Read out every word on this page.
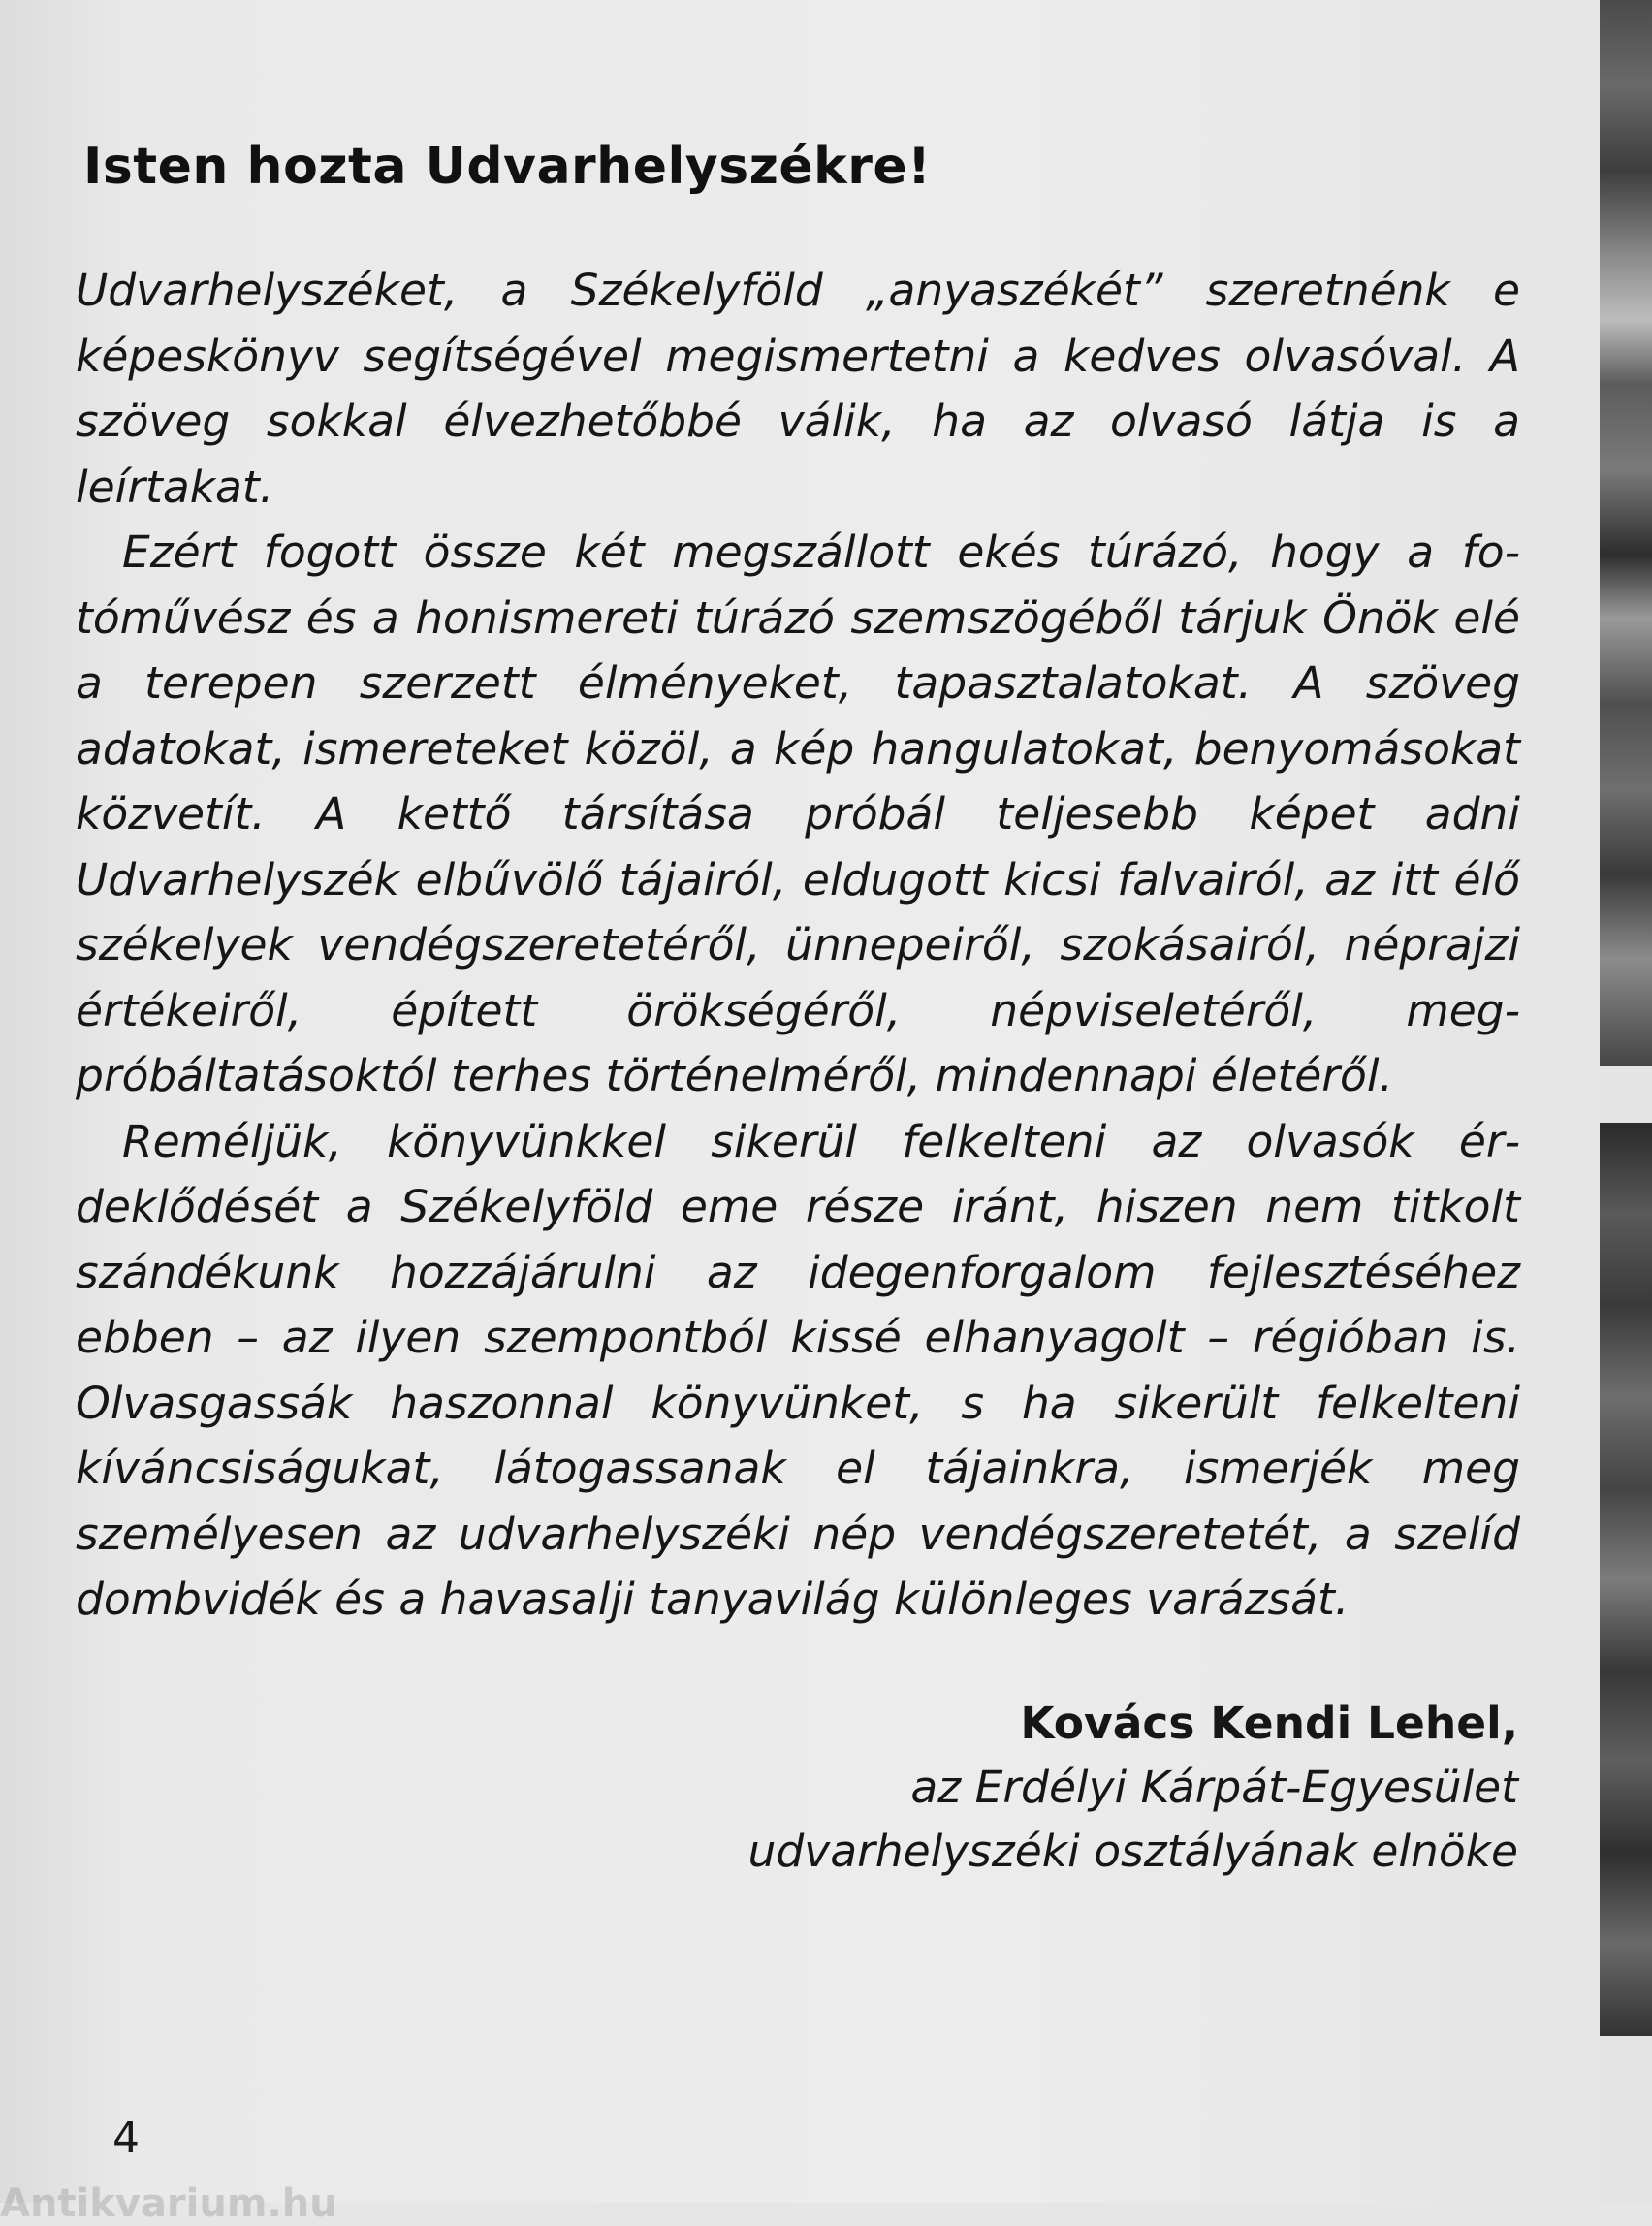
Isten hozta Udvarhelyszékre!

Udvarhelyszéket, a Székelyföld „anyaszékét” szeretnénk e képeskönyv segítségével megismertetni a kedves olvasóval. A szöveg sokkal élvezhetőbbé válik, ha az olvasó látja is a leírtakat.

Ezért fogott össze két megszállott ekés túrázó, hogy a fotóművész és a honismereti túrázó szemszögéből tárjuk Önök elé a terepen szerzett élményeket, tapasztalatokat. A szöveg adatokat, ismereteket közöl, a kép hangulatokat, benyomásokat közvetít. A kettő társítása próbál teljesebb képet adni Udvarhelyszék elbűvölő tájairól, eldugott kicsi falvairól, az itt élő székelyek vendégszeretetéről, ünnepeiről, szokásairól, néprajzi értékeiről, épített örökségéről, népviseletéről, megpróbáltatásoktól terhes történelméről, mindennapi életéről.

Reméljük, könyvünkkel sikerül felkelteni az olvasók érdeklődését a Székelyföld eme része iránt, hiszen nem titkolt szándékunk hozzájárulni az idegenforgalom fejlesztéséhez ebben – az ilyen szempontból kissé elhanyagolt – régióban is. Olvasgassák haszonnal könyvünket, s ha sikerült felkelteni kíváncsiságukat, látogassanak el tájainkra, ismerjék meg személyesen az udvarhelyszéki nép vendégszeretetét, a szelíd dombvidék és a havasalji tanyavilág különleges varázsát.

Kovács Kendi Lehel,
az Erdélyi Kárpát-Egyesület
udvarhelyszéki osztályának elnöke
4
Antikvarium.hu
